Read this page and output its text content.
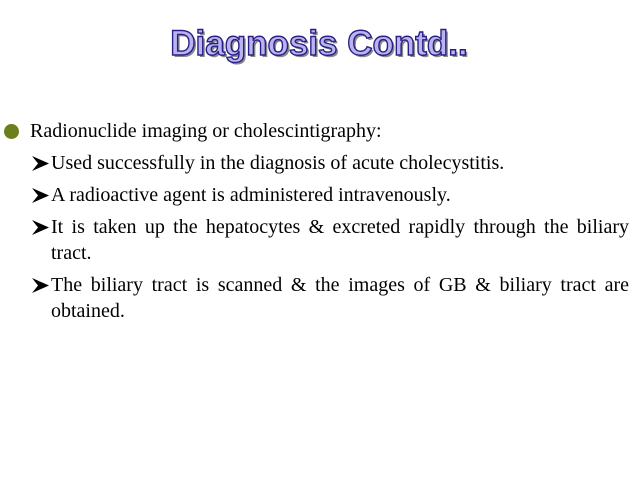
Diagnosis Contd..
Radionuclide imaging or cholescintigraphy:
Used successfully in the diagnosis of acute cholecystitis.
A radioactive agent is administered intravenously.
It is taken up the hepatocytes & excreted rapidly through the biliary tract.
The biliary tract is scanned & the images of GB & biliary tract are obtained.
